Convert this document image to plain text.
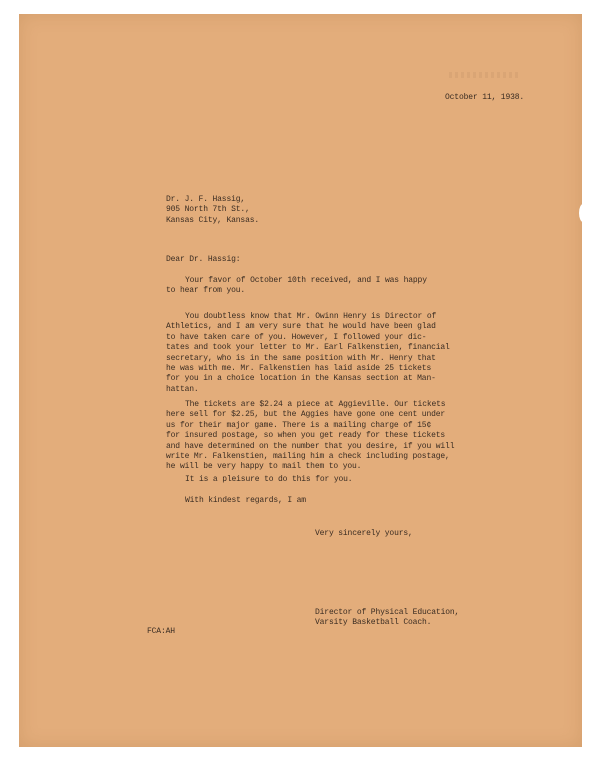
October 11, 1938.
Dr. J. F. Hassig,
905 North 7th St.,
Kansas City, Kansas.
Dear Dr. Hassig:
Your favor of October 10th received, and I was happy
to hear from you.
You doubtless know that Mr. Owinn Henry is Director of
Athletics, and I am very sure that he would have been glad
to have taken care of you. However, I followed your dic-
tates and took your letter to Mr. Earl Falkenstien, financial
secretary, who is in the same position with Mr. Henry that
he was with me. Mr. Falkenstien has laid aside 25 tickets
for you in a choice location in the Kansas section at Man-
hattan.
The tickets are $2.24 a piece at Aggieville. Our tickets
here sell for $2.25, but the Aggies have gone one cent under
us for their major game. There is a mailing charge of 15¢
for insured postage, so when you get ready for these tickets
and have determined on the number that you desire, if you will
write Mr. Falkenstien, mailing him a check including postage,
he will be very happy to mail them to you.
It is a pleisure to do this for you.
With kindest regards, I am
Very sincerely yours,
Director of Physical Education,
Varsity Basketball Coach.
FCA:AH
